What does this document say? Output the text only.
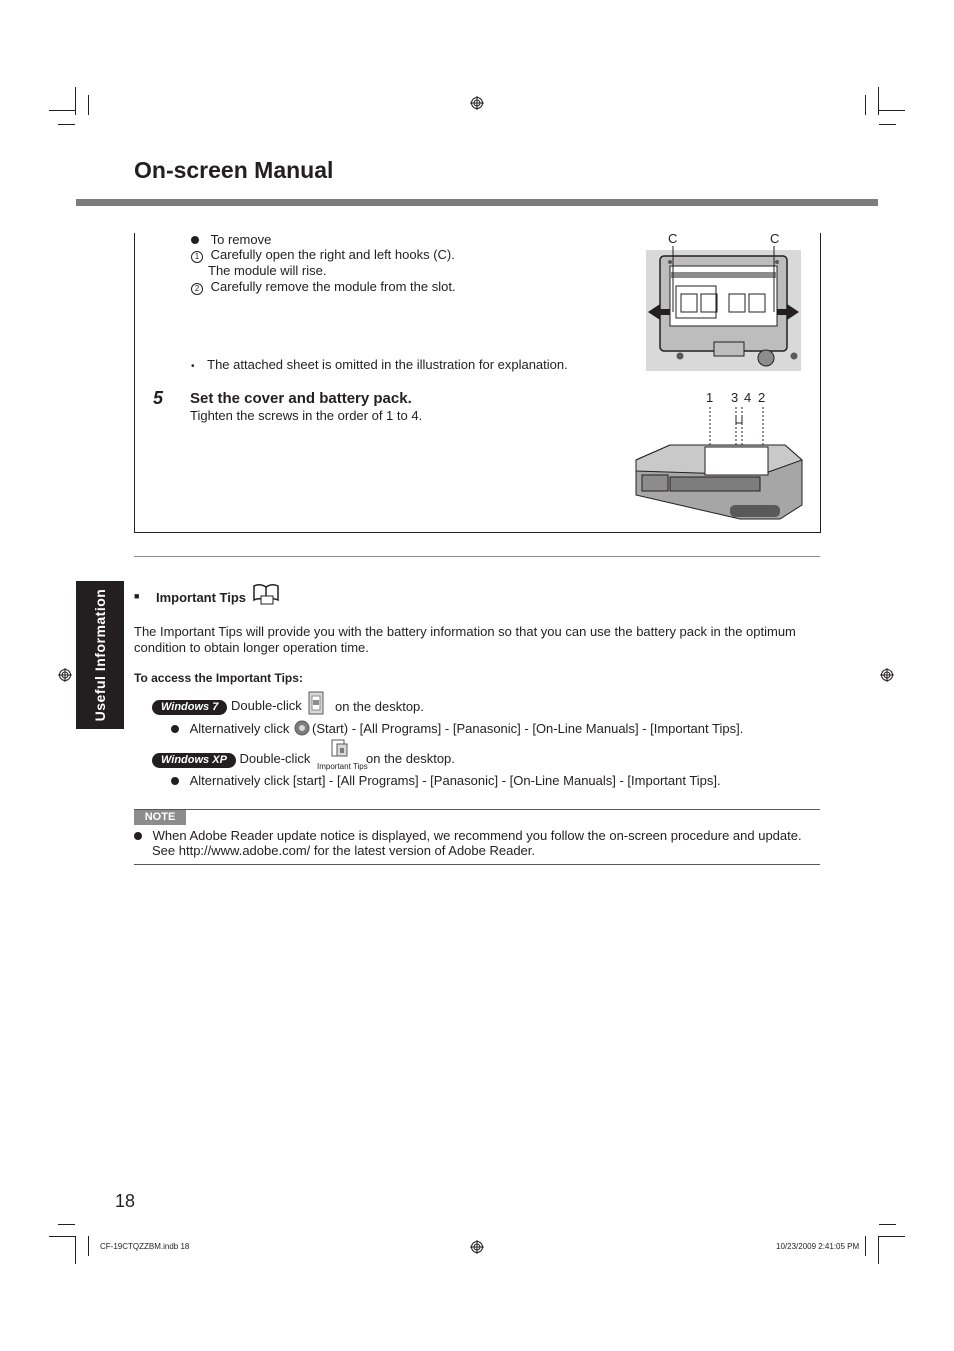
On-screen Manual
To remove
1 Carefully open the right and left hooks (C).
The module will rise.
2 Carefully remove the module from the slot.
• The attached sheet is omitted in the illustration for explanation.
C	C
5 Set the cover and battery pack.
Tighten the screws in the order of 1 to 4.
1 3 4 2
Useful Information	■ Important Tips
The Important Tips will provide you with the battery information so that you can use the battery pack in the optimum
condition to obtain longer operation time.
To access the Important Tips:
Windows 7 Double-click	on the desktop.
Alternatively click (Start) - [All Programs] - [Panasonic] - [On-Line Manuals] - [Important Tips].
Windows XP Double-click
Important Tips
on the desktop.
Alternatively click [start] - [All Programs] - [Panasonic] - [On-Line Manuals] - [Important Tips].
NOTE
When Adobe Reader update notice is displayed, we recommend you follow the on-screen procedure and update.
See http://www.adobe.com/ for the latest version of Adobe Reader.
18
CF-19CTQZZBM.indb 18	10/23/2009 2:41:05 PM
